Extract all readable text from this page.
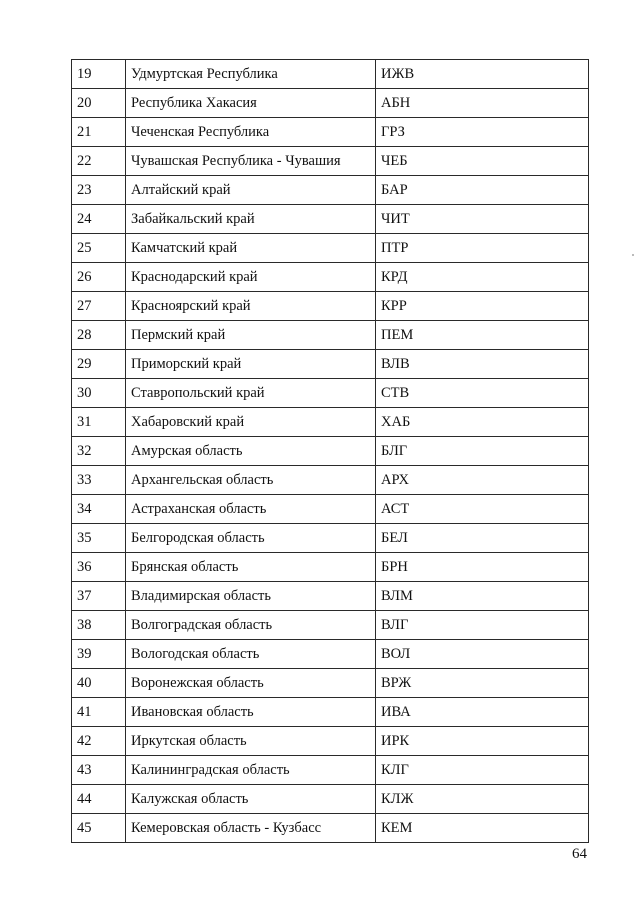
19	Удмуртская Республика	ИЖВ
20	Республика Хакасия	АБН
21	Чеченская Республика	ГРЗ
22	Чувашская Республика - Чувашия	ЧЕБ
23	Алтайский край	БАР
24	Забайкальский край	ЧИТ
25	Камчатский край	ПТР
26	Краснодарский край	КРД
27	Красноярский край	КРР
28	Пермский край	ПЕМ
29	Приморский край	ВЛВ
30	Ставропольский край	СТВ
31	Хабаровский край	ХАБ
32	Амурская область	БЛГ
33	Архангельская область	АРХ
34	Астраханская область	АСТ
35	Белгородская область	БЕЛ
36	Брянская область	БРН
37	Владимирская область	ВЛМ
38	Волгоградская область	ВЛГ
39	Вологодская область	ВОЛ
40	Воронежская область	ВРЖ
41	Ивановская область	ИВА
42	Иркутская область	ИРК
43	Калининградская область	КЛГ
44	Калужская область	КЛЖ
45	Кемеровская область - Кузбасс	КЕМ
64
